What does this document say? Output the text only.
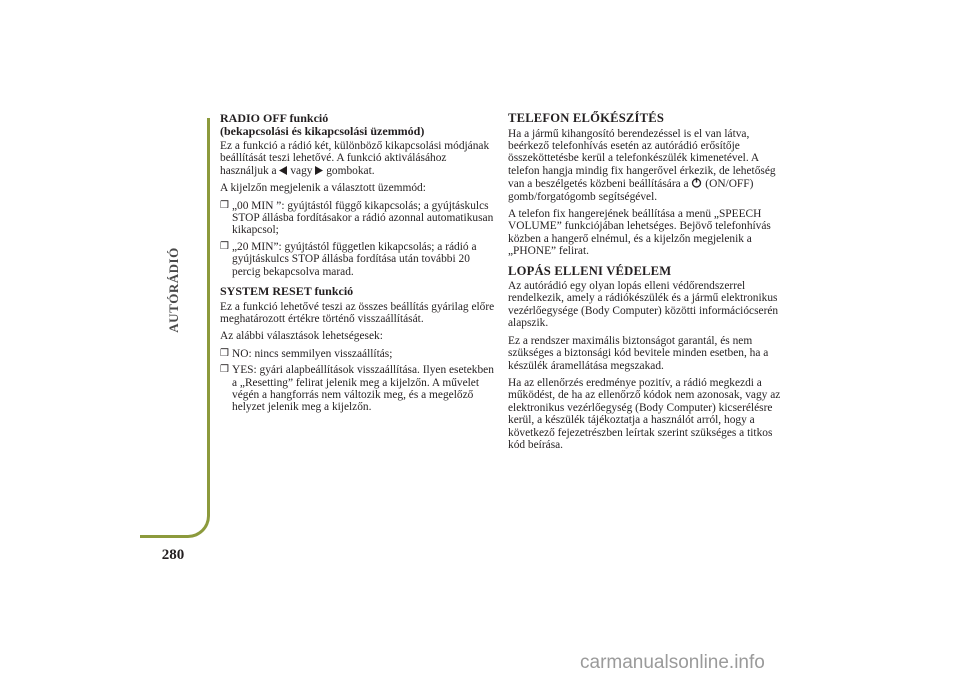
AUTÓRÁDIÓ
280
RADIO OFF funkció
(bekapcsolási és kikapcsolási üzemmód)

Ez a funkció a rádió két, különböző kikapcsolási módjának beállítását teszi lehetővé. A funkció aktiválásához használjuk a vagy gombokat.

A kijelzőn megjelenik a választott üzemmód:

❒ „00 MIN ”: gyújtástól függő kikapcsolás; a gyújtáskulcs STOP állásba fordításakor a rádió azonnal automatikusan kikapcsol;
❒ „20 MIN”: gyújtástól független kikapcsolás; a rádió a gyújtáskulcs STOP állásba fordítása után további 20 percig bekapcsolva marad.
SYSTEM RESET funkció

Ez a funkció lehetővé teszi az összes beállítás gyárilag előre meghatározott értékre történő visszaállítását.

Az alábbi választások lehetségesek:

❒ NO: nincs semmilyen visszaállítás;
❒ YES: gyári alapbeállítások visszaállítása. Ilyen esetekben a „Resetting” felirat jelenik meg a kijelzőn. A művelet végén a hangforrás nem változik meg, és a megelőző helyzet jelenik meg a kijelzőn.
TELEFON ELŐKÉSZÍTÉS

Ha a jármű kihangosító berendezéssel is el van látva, beérkező telefonhívás esetén az autórádió erősítője összeköttetésbe kerül a telefonkészülék kimenetével. A telefon hangja mindig fix hangerővel érkezik, de lehetőség van a beszélgetés közbeni beállítására a (ON/OFF) gomb/forgatógomb segítségével.

A telefon fix hangerejének beállítása a menü „SPEECH VOLUME” funkciójában lehetséges. Bejövő telefonhívás közben a hangerő elnémul, és a kijelzőn megjelenik a „PHONE” felirat.

LOPÁS ELLENI VÉDELEM

Az autórádió egy olyan lopás elleni védőrendszerrel rendelkezik, amely a rádiókészülék és a jármű elektronikus vezérlőegysége (Body Computer) közötti információcserén alapszik.

Ez a rendszer maximális biztonságot garantál, és nem szükséges a biztonsági kód bevitele minden esetben, ha a készülék áramellátása megszakad.

Ha az ellenőrzés eredménye pozitív, a rádió megkezdi a működést, de ha az ellenőrző kódok nem azonosak, vagy az elektronikus vezérlőegység (Body Computer) kicserélésre kerül, a készülék tájékoztatja a használót arról, hogy a következő fejezetrészben leírtak szerint szükséges a titkos kód beírása.

carmanualsonline.info
